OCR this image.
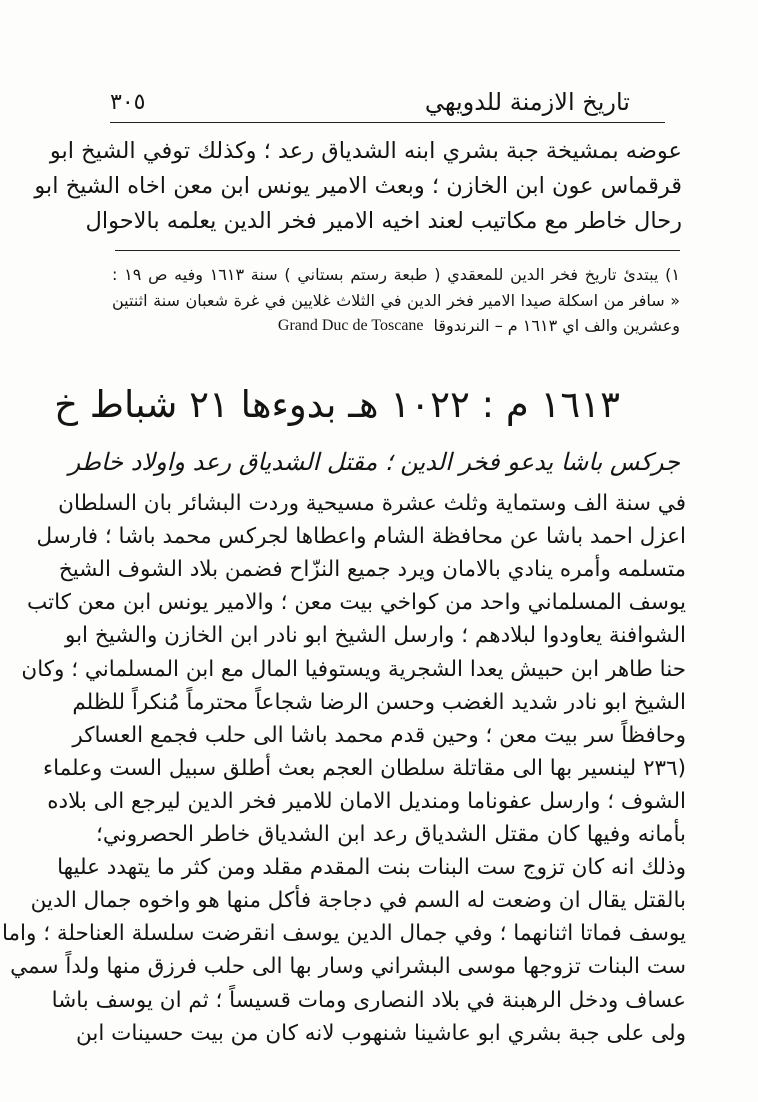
تاريخ الازمنة للدويهي
٣٠٥
عوضه بمشيخة جبة بشري ابنه الشدياق رعد ؛ وكذلك توفي الشيخ ابو
قرقماس عون ابن الخازن ؛ وبعث الامير يونس ابن معن اخاه الشيخ ابو
رحال خاطر مع مكاتيب لعند اخيه الامير فخر الدين يعلمه بالاحوال
١) يبتدئ تاريخ فخر الدين للمعقدي ( طبعة رستم بستاني ) سنة ١٦١٣ وفيه ص ١٩ :
« سافر من اسكلة صيدا الامير فخر الدين في الثلاث غلايين في غرة شعبان سنة اثنتين
وعشرين والف اي ١٦١٣ م – النرندوقا
Grand Duc de Toscane
١٦١٣ م : ١٠٢٢ هـ بدوءها ٢١ شباط خ
جركس باشا يدعو فخر الدين ؛ مقتل الشدياق رعد واولاد خاطر
في سنة الف وستماية وثلث عشرة مسيحية وردت البشائر بان السلطان
اعزل احمد باشا عن محافظة الشام واعطاها لجركس محمد باشا ؛ فارسل
متسلمه وأمره ينادي بالامان ويرد جميع النزّاح فضمن بلاد الشوف الشيخ
يوسف المسلماني واحد من كواخي بيت معن ؛ والامير يونس ابن معن كاتب
الشوافنة يعاودوا لبلادهم ؛ وارسل الشيخ ابو نادر ابن الخازن والشيخ ابو
حنا طاهر ابن حبيش يعدا الشجرية ويستوفيا المال مع ابن المسلماني ؛ وكان
الشيخ ابو نادر شديد الغضب وحسن الرضا شجاعاً محترماً مُنكراً للظلم
وحافظاً سر بيت معن ؛ وحين قدم محمد باشا الى حلب فجمع العساكر
(٢٣٦ لينسير بها الى مقاتلة سلطان العجم بعث أطلق سبيل الست وعلماء
الشوف ؛ وارسل عفوناما ومنديل الامان للامير فخر الدين ليرجع الى بلاده
بأمانه وفيها كان مقتل الشدياق رعد ابن الشدياق خاطر الحصروني؛
وذلك انه كان تزوج ست البنات بنت المقدم مقلد ومن كثر ما يتهدد عليها
بالقتل يقال ان وضعت له السم في دجاجة فأكل منها هو واخوه جمال الدين
يوسف فماتا اثنانهما ؛ وفي جمال الدين يوسف انقرضت سلسلة العناحلة ؛ واما
ست البنات تزوجها موسى البشراني وسار بها الى حلب فرزق منها ولداً سمي
عساف ودخل الرهبنة في بلاد النصارى ومات قسيساً ؛ ثم ان يوسف باشا
ولى على جبة بشري ابو عاشينا شنهوب لانه كان من بيت حسينات ابن
